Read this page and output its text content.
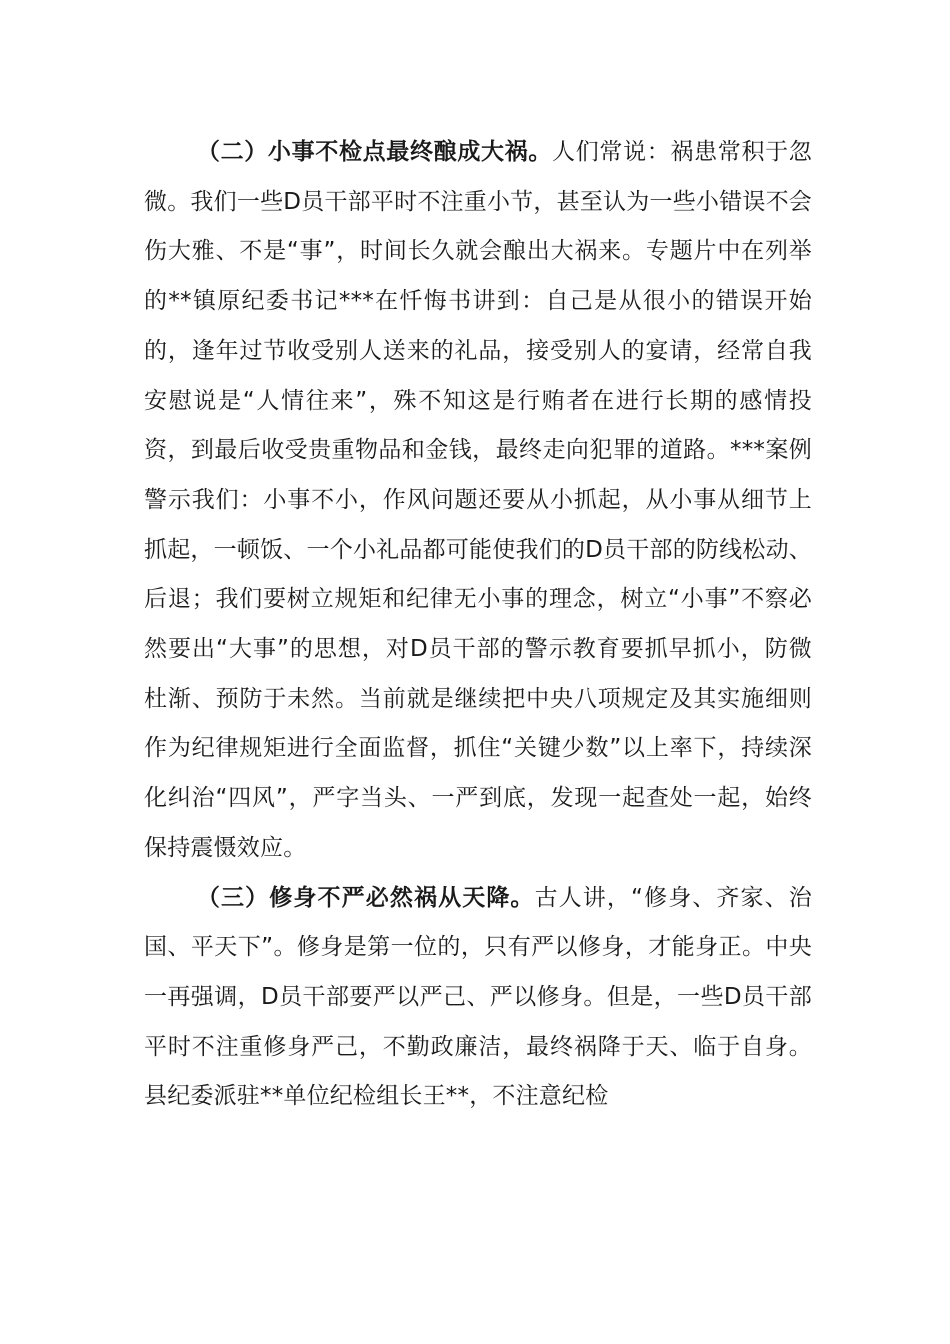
（二）小事不检点最终酿成大祸。人们常说：祸患常积于忽微。我们一些D员干部平时不注重小节，甚至认为一些小错误不会伤大雅、不是“事”，时间长久就会酿出大祸来。专题片中在列举的**镇原纪委书记***在忏悔书讲到：自己是从很小的错误开始的，逢年过节收受别人送来的礼品，接受别人的宴请，经常自我安慰说是“人情往来”，殊不知这是行贿者在进行长期的感情投资，到最后收受贵重物品和金钱，最终走向犯罪的道路。***案例警示我们：小事不小，作风问题还要从小抓起，从小事从细节上抓起，一顿饭、一个小礼品都可能使我们的D员干部的防线松动、后退；我们要树立规矩和纪律无小事的理念，树立“小事”不察必然要出“大事”的思想，对D员干部的警示教育要抓早抓小，防微杜渐、预防于未然。当前就是继续把中央八项规定及其实施细则作为纪律规矩进行全面监督，抓住“关键少数”以上率下，持续深化纠治“四风”，严字当头、一严到底，发现一起查处一起，始终保持震慑效应。

（三）修身不严必然祸从天降。古人讲，“修身、齐家、治国、平天下”。修身是第一位的，只有严以修身，才能身正。中央一再强调，D员干部要严以严己、严以修身。但是，一些D员干部平时不注重修身严己，不勤政廉洁，最终祸降于天、临于自身。县纪委派驻**单位纪检组长王**，不注意纪检
